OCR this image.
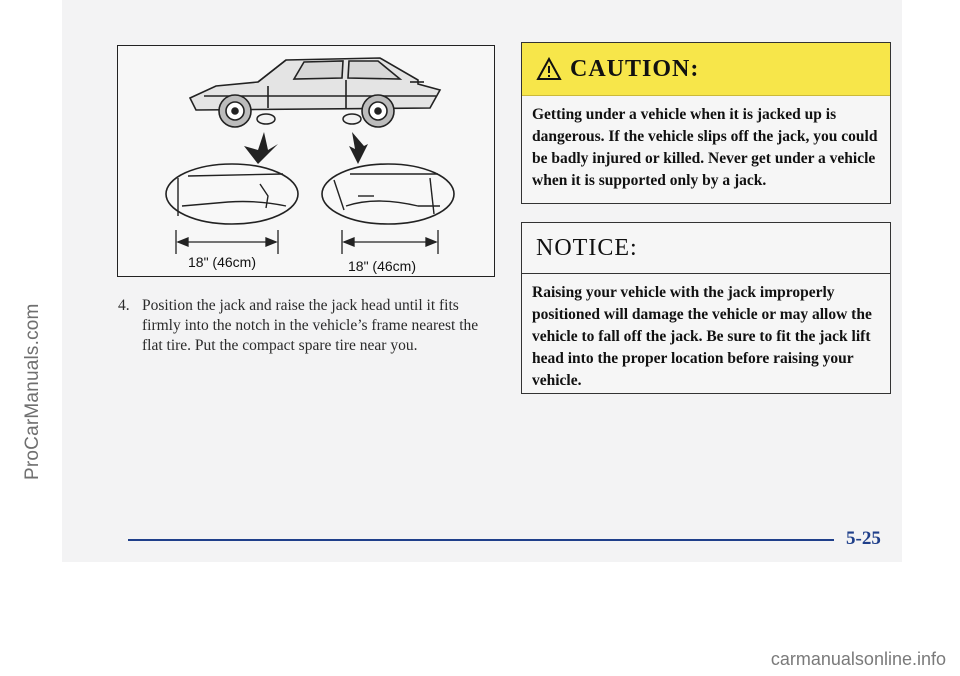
ProCarManuals.com
18" (46cm)	18" (46cm)
4. Position the jack and raise the jack head until it fits firmly into the notch in the vehicle’s frame nearest the flat tire. Put the compact spare tire near you.
CAUTION:
Getting under a vehicle when it is jacked up is dangerous. If the vehicle slips off the jack, you could be badly injured or killed. Never get under a vehicle when it is supported only by a jack.
NOTICE:
Raising your vehicle with the jack improperly positioned will damage the vehicle or may allow the vehicle to fall off the jack. Be sure to fit the jack lift head into the proper location before raising your vehicle.
5-25
carmanualsonline.info
